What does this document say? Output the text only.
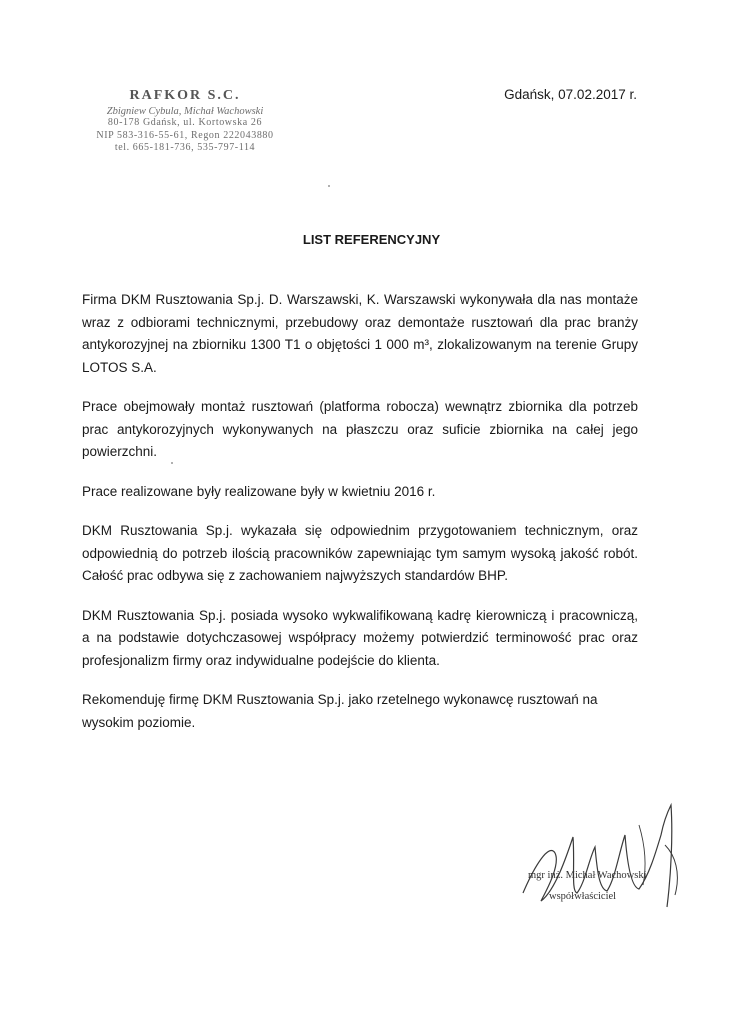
RAFKOR S.C.
Zbigniew Cybula, Michał Wachowski
80-178 Gdańsk, ul. Kortowska 26
NIP 583-316-55-61, Regon 222043880
tel. 665-181-736, 535-797-114
Gdańsk, 07.02.2017 r.
LIST REFERENCYJNY

Firma DKM Rusztowania Sp.j. D. Warszawski, K. Warszawski wykonywała dla nas montaże wraz z odbiorami technicznymi, przebudowy oraz demontaże rusztowań dla prac branży antykorozyjnej na zbiorniku 1300 T1 o objętości 1 000 m³, zlokalizowanym na terenie Grupy LOTOS S.A.

Prace obejmowały montaż rusztowań (platforma robocza) wewnątrz zbiornika dla potrzeb prac antykorozyjnych wykonywanych na płaszczu oraz suficie zbiornika na całej jego powierzchni.

Prace realizowane były realizowane były w kwietniu 2016 r.

DKM Rusztowania Sp.j. wykazała się odpowiednim przygotowaniem technicznym, oraz odpowiednią do potrzeb ilością pracowników zapewniając tym samym wysoką jakość robót. Całość prac odbywa się z zachowaniem najwyższych standardów BHP.

DKM Rusztowania Sp.j. posiada wysoko wykwalifikowaną kadrę kierowniczą i pracowniczą, a na podstawie dotychczasowej współpracy możemy potwierdzić terminowość prac oraz profesjonalizm firmy oraz indywidualne podejście do klienta.

Rekomenduję firmę DKM Rusztowania Sp.j. jako rzetelnego wykonawcę rusztowań na wysokim poziomie.

mgr inż. Michał Wachowski
współwłaściciel
